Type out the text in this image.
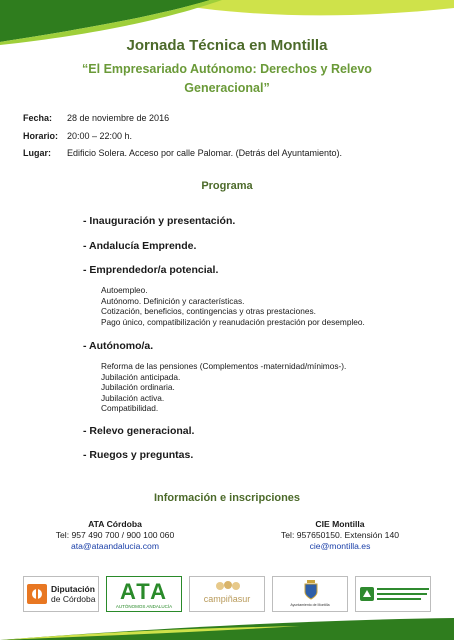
Jornada Técnica en Montilla
“El Empresariado Autónomo: Derechos y Relevo
Generacional”
Fecha: 28 de noviembre de 2016
Horario: 20:00 – 22:00 h.
Lugar: Edificio Solera. Acceso por calle Palomar. (Detrás del Ayuntamiento).
Programa
- Inauguración y presentación.
- Andalucía Emprende.
- Emprendedor/a potencial.
Autoempleo.
Autónomo. Definición y características.
Cotización, beneficios, contingencias y otras prestaciones.
Pago único, compatibilización y reanudación prestación por desempleo.
- Autónomo/a.
Reforma de las pensiones (Complementos -maternidad/mínimos-).
Jubilación anticipada.
Jubilación ordinaria.
Jubilación activa.
Compatibilidad.
- Relevo generacional.
- Ruegos y preguntas.
Información e inscripciones
ATA Córdoba
Tel: 957 490 700 / 900 100 060
ata@ataandalucia.com
CIE Montilla
Tel: 957650150. Extensión 140
cie@montilla.es
Diputación
de Córdoba	ATA
AUTÓNOMOS ANDALUCÍA
campiñasur
Ayuntamiento de Montilla
